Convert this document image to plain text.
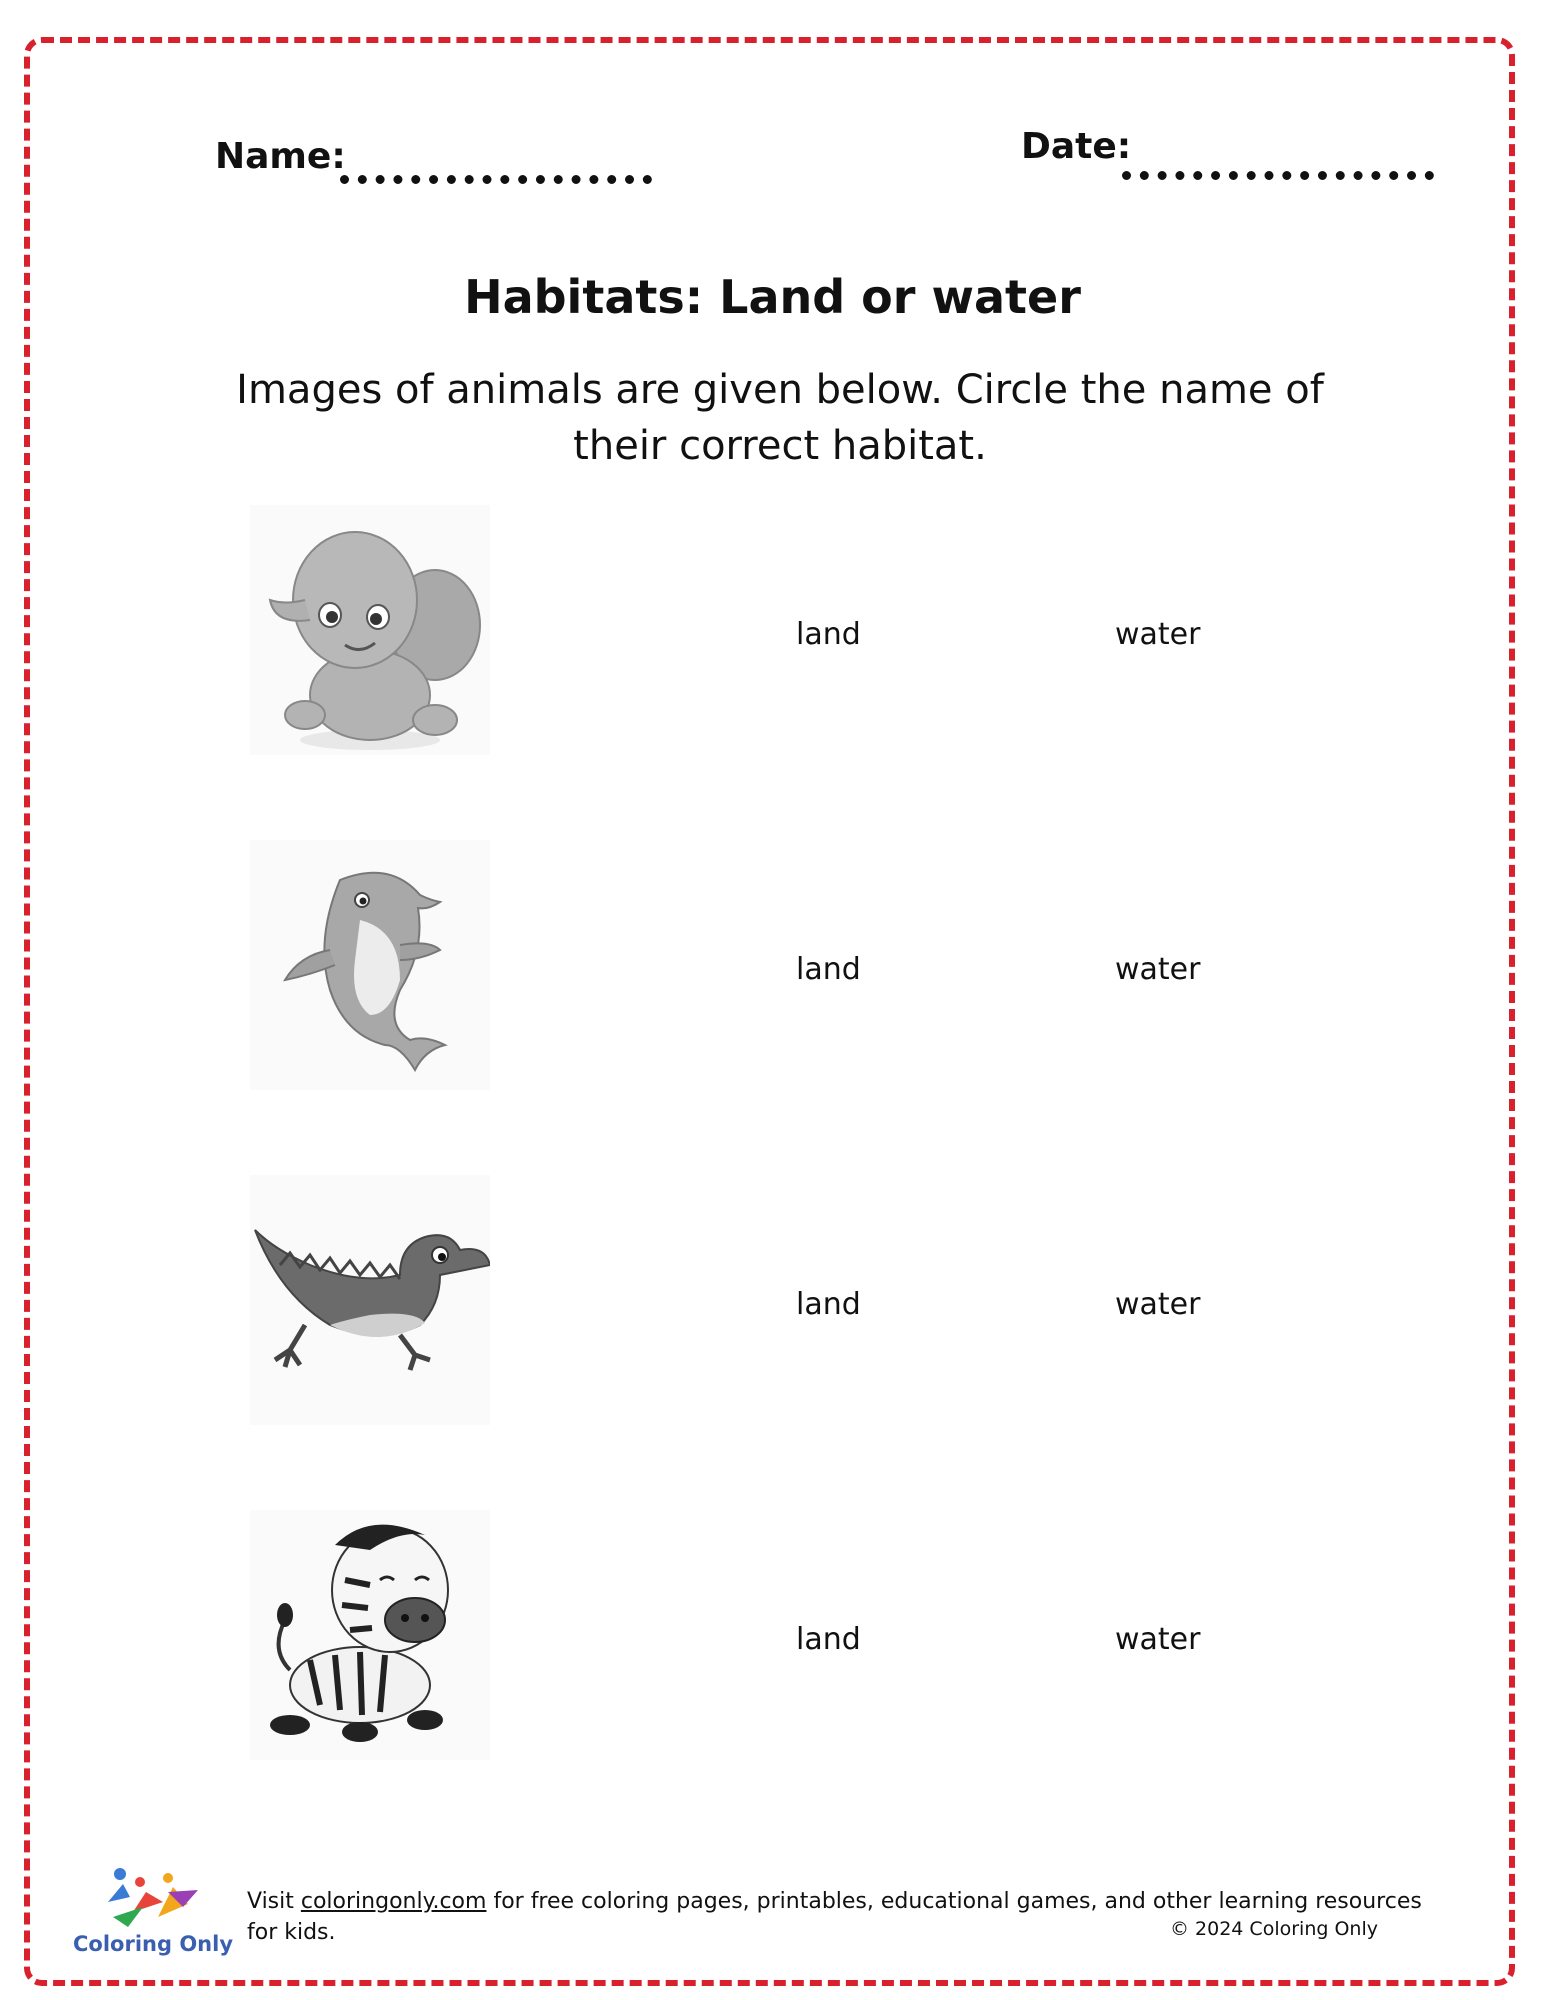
Name:	Date:
Habitats: Land or water
Images of animals are given below. Circle the name of their correct habitat.
land	water
land	water
land	water
land	water
Coloring Only
Visit coloringonly.com for free coloring pages, printables, educational games, and other learning resources for kids.	© 2024 Coloring Only
